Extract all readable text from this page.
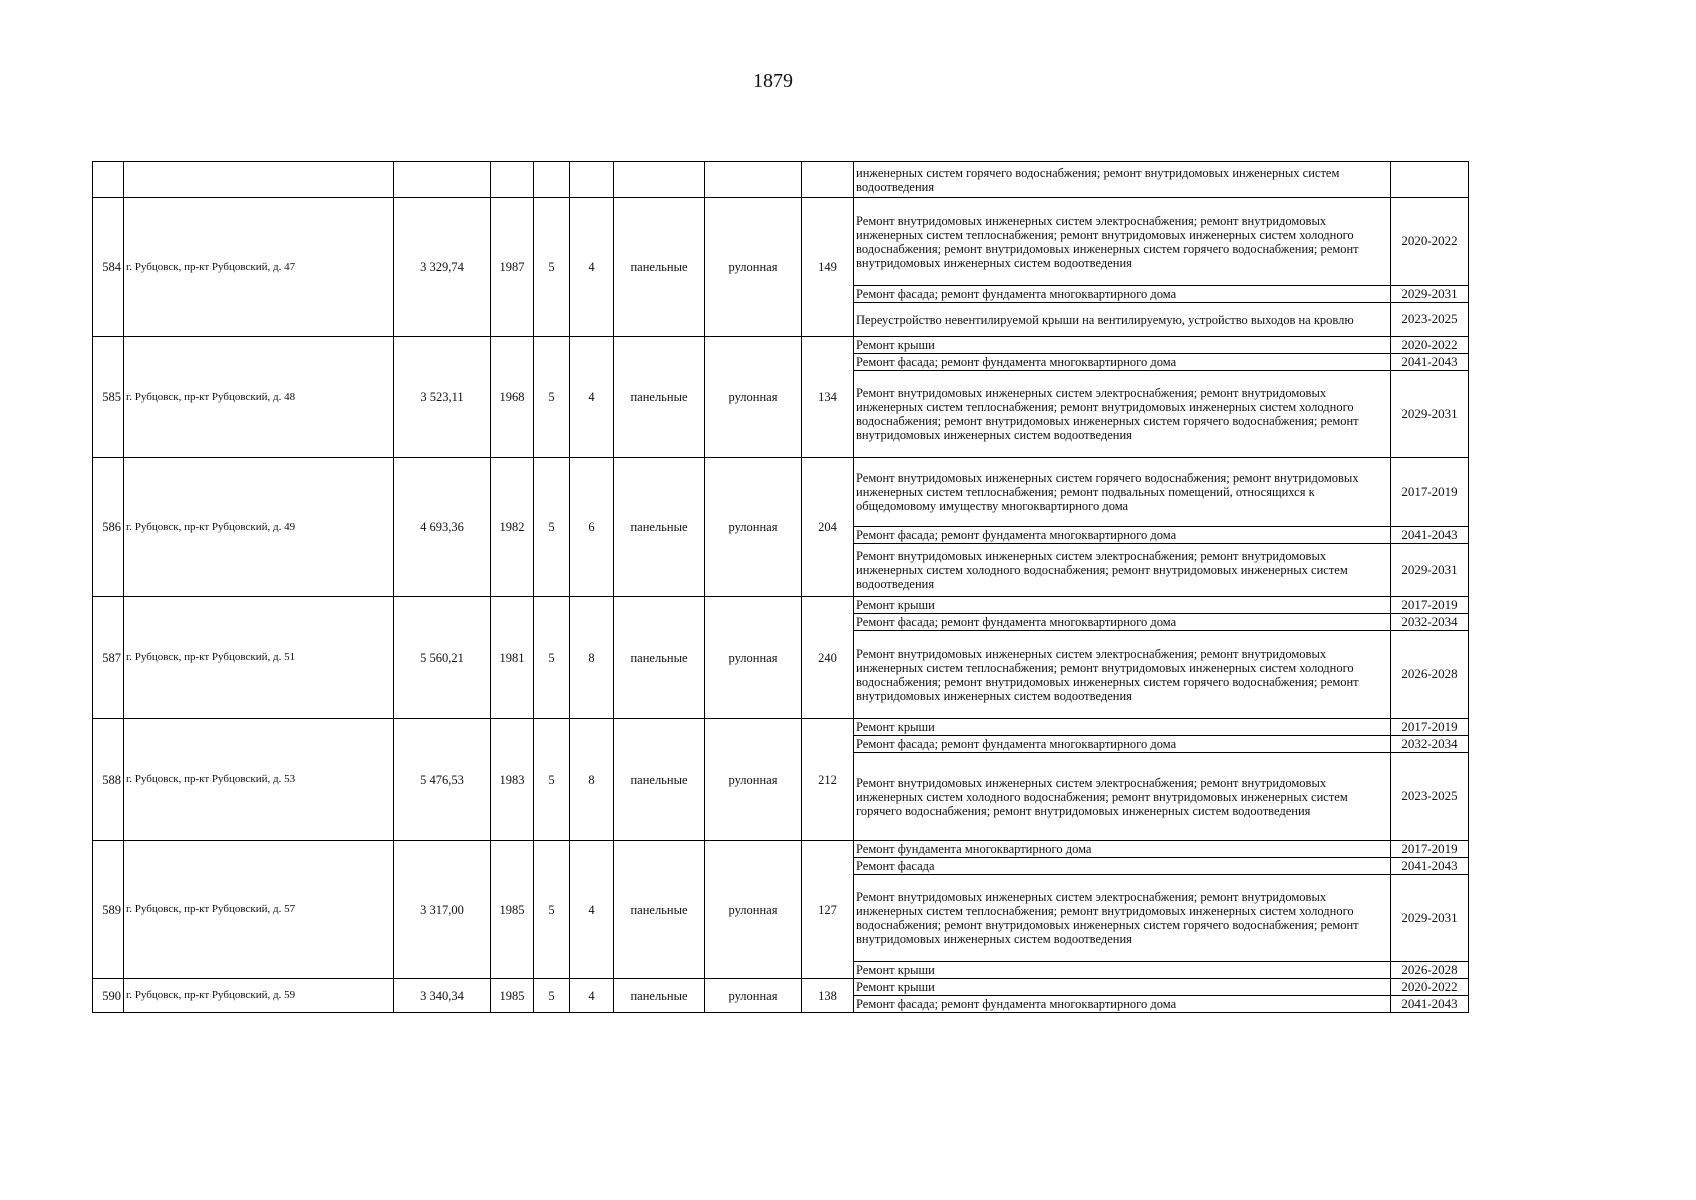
1879
									инженерных систем горячего водоснабжения; ремонт внутридомовых инженерных систем водоотведения	
584	г. Рубцовск, пр-кт Рубцовский, д. 47	3 329,74	1987	5	4	панельные	рулонная	149	Ремонт внутридомовых инженерных систем электроснабжения; ремонт внутридомовых инженерных систем теплоснабжения; ремонт внутридомовых инженерных систем холодного водоснабжения; ремонт внутридомовых инженерных систем горячего водоснабжения; ремонт внутридомовых инженерных систем водоотведения	2020-2022
									Ремонт фасада; ремонт фундамента многоквартирного дома	2029-2031
									Переустройство невентилируемой крыши на вентилируемую, устройство выходов на кровлю	2023-2025
585	г. Рубцовск, пр-кт Рубцовский, д. 48	3 523,11	1968	5	4	панельные	рулонная	134	Ремонт крыши	2020-2022
									Ремонт фасада; ремонт фундамента многоквартирного дома	2041-2043
									Ремонт внутридомовых инженерных систем электроснабжения; ремонт внутридомовых инженерных систем теплоснабжения; ремонт внутридомовых инженерных систем холодного водоснабжения; ремонт внутридомовых инженерных систем горячего водоснабжения; ремонт внутридомовых инженерных систем водоотведения	2029-2031
586	г. Рубцовск, пр-кт Рубцовский, д. 49	4 693,36	1982	5	6	панельные	рулонная	204	Ремонт внутридомовых инженерных систем горячего водоснабжения; ремонт внутридомовых инженерных систем теплоснабжения; ремонт подвальных помещений, относящихся к общедомовому имуществу многоквартирного дома	2017-2019
									Ремонт фасада; ремонт фундамента многоквартирного дома	2041-2043
									Ремонт внутридомовых инженерных систем электроснабжения; ремонт внутридомовых инженерных систем холодного водоснабжения; ремонт внутридомовых инженерных систем водоотведения	2029-2031
587	г. Рубцовск, пр-кт Рубцовский, д. 51	5 560,21	1981	5	8	панельные	рулонная	240	Ремонт крыши	2017-2019
									Ремонт фасада; ремонт фундамента многоквартирного дома	2032-2034
									Ремонт внутридомовых инженерных систем электроснабжения; ремонт внутридомовых инженерных систем теплоснабжения; ремонт внутридомовых инженерных систем холодного водоснабжения; ремонт внутридомовых инженерных систем горячего водоснабжения; ремонт внутридомовых инженерных систем водоотведения	2026-2028
588	г. Рубцовск, пр-кт Рубцовский, д. 53	5 476,53	1983	5	8	панельные	рулонная	212	Ремонт крыши	2017-2019
									Ремонт фасада; ремонт фундамента многоквартирного дома	2032-2034
									Ремонт внутридомовых инженерных систем электроснабжения; ремонт внутридомовых инженерных систем холодного водоснабжения; ремонт внутридомовых инженерных систем горячего водоснабжения; ремонт внутридомовых инженерных систем водоотведения	2023-2025
589	г. Рубцовск, пр-кт Рубцовский, д. 57	3 317,00	1985	5	4	панельные	рулонная	127	Ремонт фундамента многоквартирного дома	2017-2019
									Ремонт фасада	2041-2043
									Ремонт внутридомовых инженерных систем электроснабжения; ремонт внутридомовых инженерных систем теплоснабжения; ремонт внутридомовых инженерных систем холодного водоснабжения; ремонт внутридомовых инженерных систем горячего водоснабжения; ремонт внутридомовых инженерных систем водоотведения	2029-2031
									Ремонт крыши	2026-2028
590	г. Рубцовск, пр-кт Рубцовский, д. 59	3 340,34	1985	5	4	панельные	рулонная	138	Ремонт крыши	2020-2022
									Ремонт фасада; ремонт фундамента многоквартирного дома	2041-2043
